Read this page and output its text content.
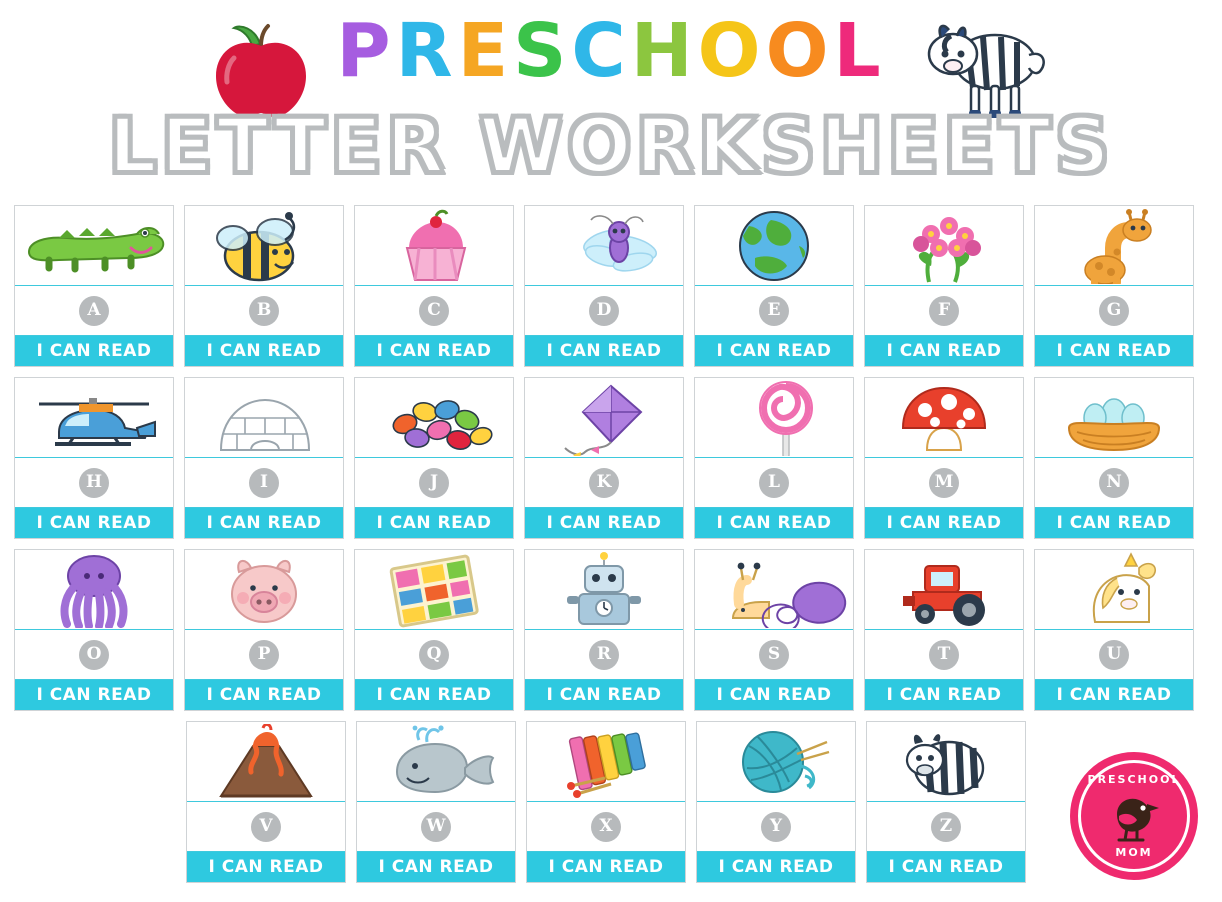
PRESCHOOL
LETTER WORKSHEETS
A
I CAN READ
B
I CAN READ
C
I CAN READ
D
I CAN READ
E
I CAN READ
F
I CAN READ
G
I CAN READ
H
I CAN READ
I
I CAN READ
J
I CAN READ
K
I CAN READ
L
I CAN READ
M
I CAN READ
N
I CAN READ
O
I CAN READ
P
I CAN READ
Q
I CAN READ
R
I CAN READ
S
I CAN READ
T
I CAN READ
U
I CAN READ
V
I CAN READ
W
I CAN READ
X
I CAN READ
Y
I CAN READ
Z
I CAN READ
PRESCHOOL
MOM
